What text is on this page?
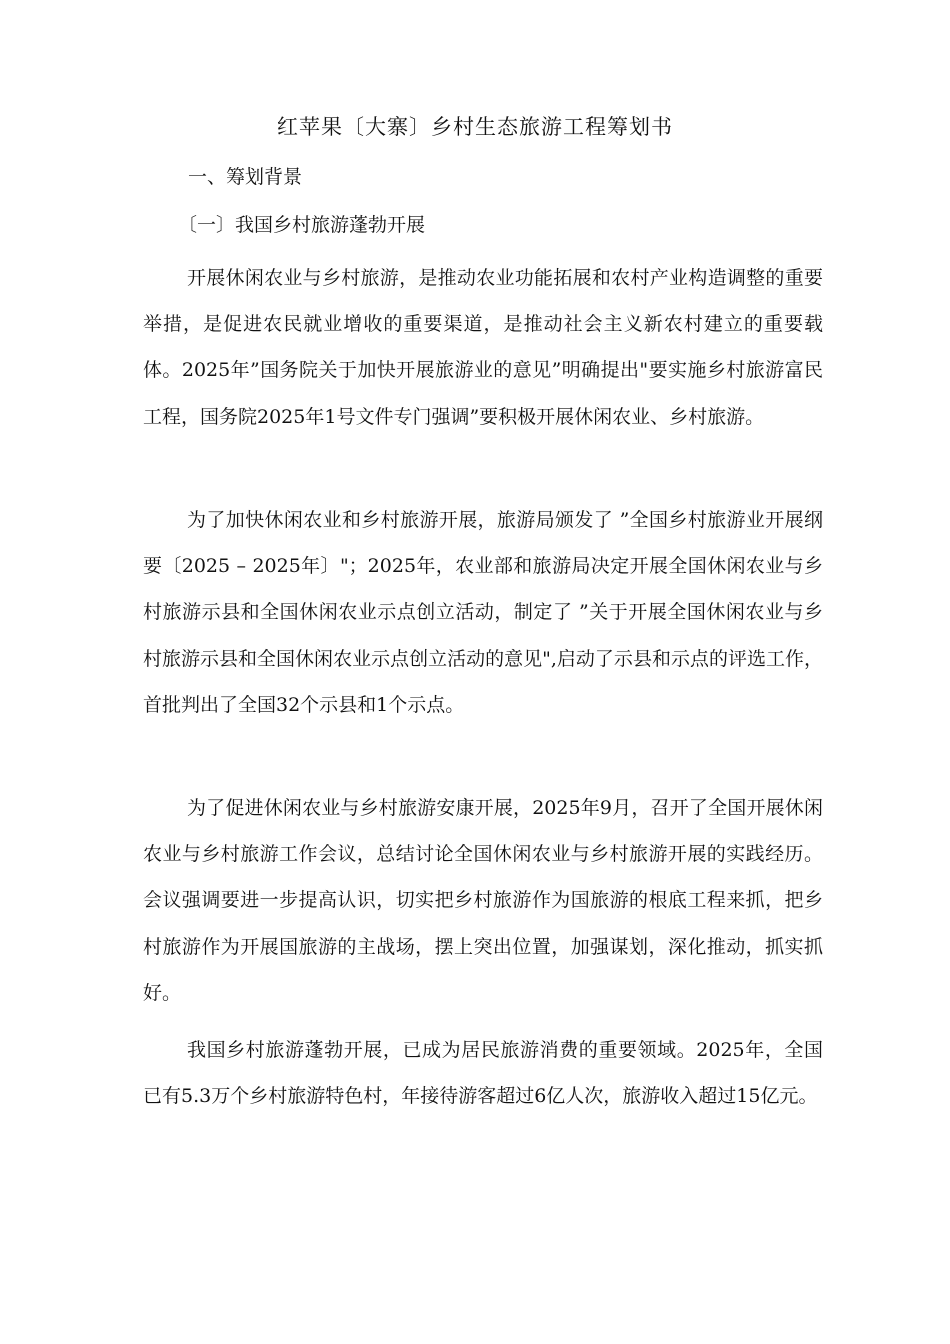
红苹果〔大寨〕乡村生态旅游工程筹划书
一、筹划背景
〔一〕我国乡村旅游蓬勃开展

开展休闲农业与乡村旅游，是推动农业功能拓展和农村产业构造调整的重要举措，是促进农民就业增收的重要渠道，是推动社会主义新农村建立的重要载体。2025年”国务院关于加快开展旅游业的意见”明确提出"要实施乡村旅游富民工程，国务院2025年1号文件专门强调”要积极开展休闲农业、乡村旅游。

为了加快休闲农业和乡村旅游开展，旅游局颁发了 ”全国乡村旅游业开展纲要〔2025 – 2025年〕"；2025年，农业部和旅游局决定开展全国休闲农业与乡村旅游示县和全国休闲农业示点创立活动，制定了 ”关于开展全国休闲农业与乡村旅游示县和全国休闲农业示点创立活动的意见",启动了示县和示点的评选工作，首批判出了全国32个示县和1个示点。

为了促进休闲农业与乡村旅游安康开展，2025年9月，召开了全国开展休闲农业与乡村旅游工作会议，总结讨论全国休闲农业与乡村旅游开展的实践经历。会议强调要进一步提高认识，切实把乡村旅游作为国旅游的根底工程来抓，把乡村旅游作为开展国旅游的主战场，摆上突出位置，加强谋划，深化推动，抓实抓好。

我国乡村旅游蓬勃开展，已成为居民旅游消费的重要领域。2025年，全国已有5.3万个乡村旅游特色村，年接待游客超过6亿人次，旅游收入超过15亿元。
